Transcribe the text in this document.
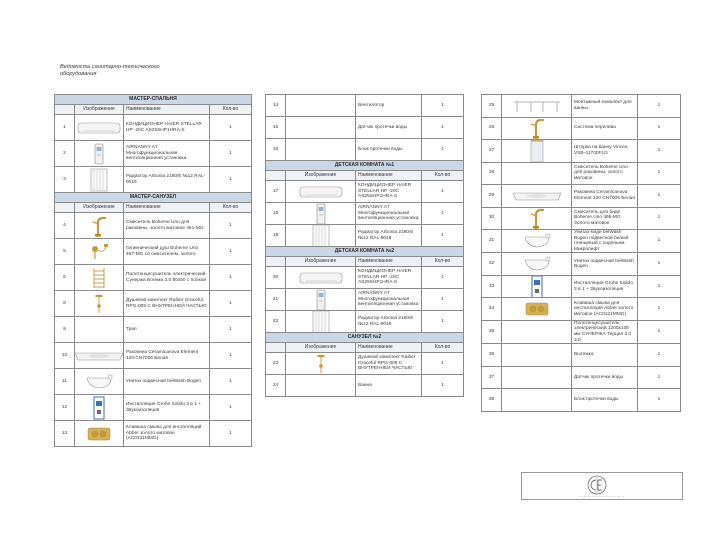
Ведомость санитарно-технического оборудования
МАСТЕР-СПАЛЬНЯ			
	Изображение	Наименование	Кол-во
1		КОНДИЦИОНЕР HAIER STELLAR HP -20C AS25SHP1HRA-S	1
2		AIRNANNY A7 Многофункциональная вентиляционная установка	1
3		Радиатор Arbonia 2180/6 №12 RAL-9016	1
МАСТЕР-САНУЗЕЛ			
	Изображение	Наименование	Кол-во
4		Смеситель Boheme Uno для раковины, золото матовое 461-MG	1
5		Гигиенический душ Boheme Uno 467-MG со смесителем, золото	1
6		Полотенцесушитель электрический Сунержа Богема 3.0 80x50 с полкой	1
8		Душевой комплект Raiber Graceful RPG-005 С ВНУТРЕННЕЙ ЧАСТЬЮ	1
9		Трап	1
10		Раковина Ceramicanova Element 120 CN7006 Белая	1
11		Унитаз подвесной belWash Bogen	1
12		Инсталляция Grohe Solido 3 в 1 + Звукоизоляция	1
13		Клавиша смыва для инсталляций Abber золото матовое (AC0121MMG)	1
14		Вентилятор	1
15		Датчик протечки воды	1
16		Блок протечки воды	1
ДЕТСКАЯ КОМНАТА №1			
	Изображение	Наименование	Кол-во
17		КОНДИЦИОНЕР HAIER STELLAR HP -20C AS25SHP1HRA-S	1
18		AIRNANNY A7 Многофункциональная вентиляционная установка	1
19		Радиатор Arbonia 2180/6 №12 RAL-9016	1
ДЕТСКАЯ КОМНАТА №2			
	Изображение	Наименование	Кол-во
20		КОНДИЦИОНЕР HAIER STELLAR HP -20C AS25SHP1HRA-S	1
21		AIRNANNY A7 Многофункциональная вентиляционная установка	1
22		Радиатор Arbonia 2180/6 №12 RAL-9016	1
САНУЗЕЛ №2			
	Изображение	Наименование	Кол-во
23		Душевой комплект Raiber Graceful RPG-005 С ВНУТРЕННЕЙ ЧАСТЬЮ	1
24		Ванна	1
25		Монтажный комплект для ванны	1
26		Система перелива	1
27		Шторка на ванну Vincea VSB-41700FLG	1
28		Смеситель Boheme Uno для раковины, золото матовое	1
29		Раковина Ceramicanova Element 120 CN7006 Белая	1
30		Смеситель для биде Boheme Uno 466-MG Золото матовое	1
31		Унитаз-биде belWash Bogen подвесной белый глянцевый с сиденьем Микролифт	1
32		Унитаз подвесной belWash Bogen	1
33		Инсталляция Grohe Solido 3 в 1 + Звукоизоляция	1
34		Клавиша смыва для инсталляций Abber золото матовое (AC0121MMG)	1
35		Полотенцесушитель электрический 1200x106 мм СУНЕРЖА Терция 3.0 3.0	1
36		Вытяжка	1
37		Датчик протечки воды	1
38		Блок протечки воды	1
— — — — — — — — — — —
